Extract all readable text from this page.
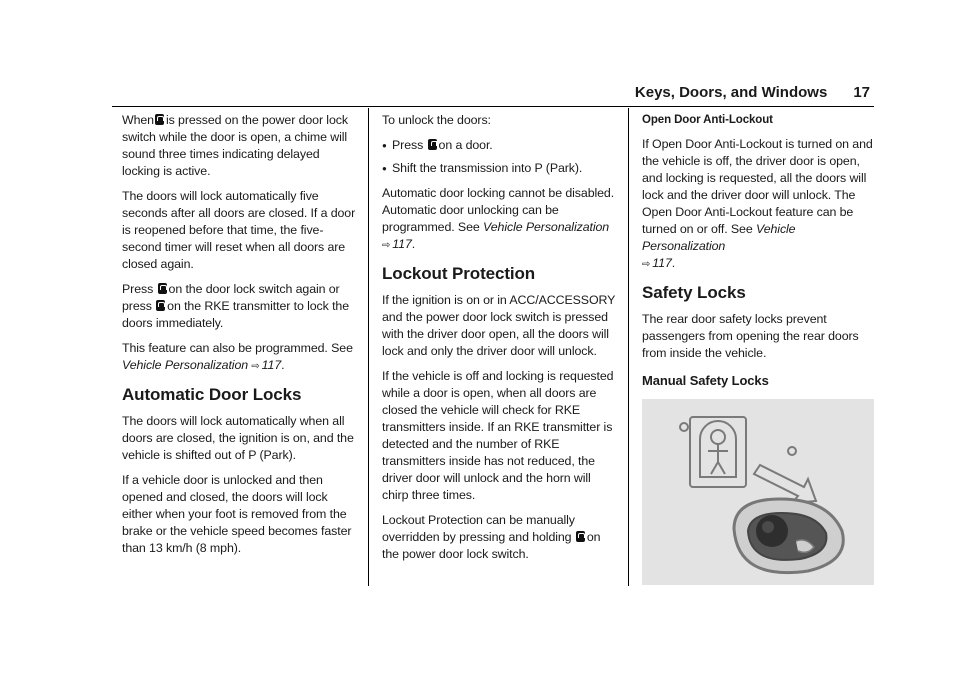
Keys, Doors, and Windows 17

When is pressed on the power door lock switch while the door is open, a chime will sound three times indicating delayed locking is active.

The doors will lock automatically five seconds after all doors are closed. If a door is reopened before that time, the five-second timer will reset when all doors are closed again.

Press on the door lock switch again or press on the RKE transmitter to lock the doors immediately.

This feature can also be programmed. See Vehicle Personalization ⇨ 117.

Automatic Door Locks

The doors will lock automatically when all doors are closed, the ignition is on, and the vehicle is shifted out of P (Park).

If a vehicle door is unlocked and then opened and closed, the doors will lock either when your foot is removed from the brake or the vehicle speed becomes faster than 13 km/h (8 mph).

To unlock the doors:

● Press on a door.
● Shift the transmission into P (Park).

Automatic door locking cannot be disabled. Automatic door unlocking can be programmed. See Vehicle Personalization
⇨ 117.

Lockout Protection

If the ignition is on or in ACC/ACCESSORY and the power door lock switch is pressed with the driver door open, all the doors will lock and only the driver door will unlock.

If the vehicle is off and locking is requested while a door is open, when all doors are closed the vehicle will check for RKE transmitters inside. If an RKE transmitter is detected and the number of RKE transmitters inside has not reduced, the driver door will unlock and the horn will chirp three times.

Lockout Protection can be manually overridden by pressing and holding on the power door lock switch.

Open Door Anti-Lockout

If Open Door Anti-Lockout is turned on and the vehicle is off, the driver door is open, and locking is requested, all the doors will lock and the driver door will unlock. The Open Door Anti-Lockout feature can be turned on or off. See Vehicle Personalization
⇨ 117.

Safety Locks

The rear door safety locks prevent passengers from opening the rear doors from inside the vehicle.

Manual Safety Locks
